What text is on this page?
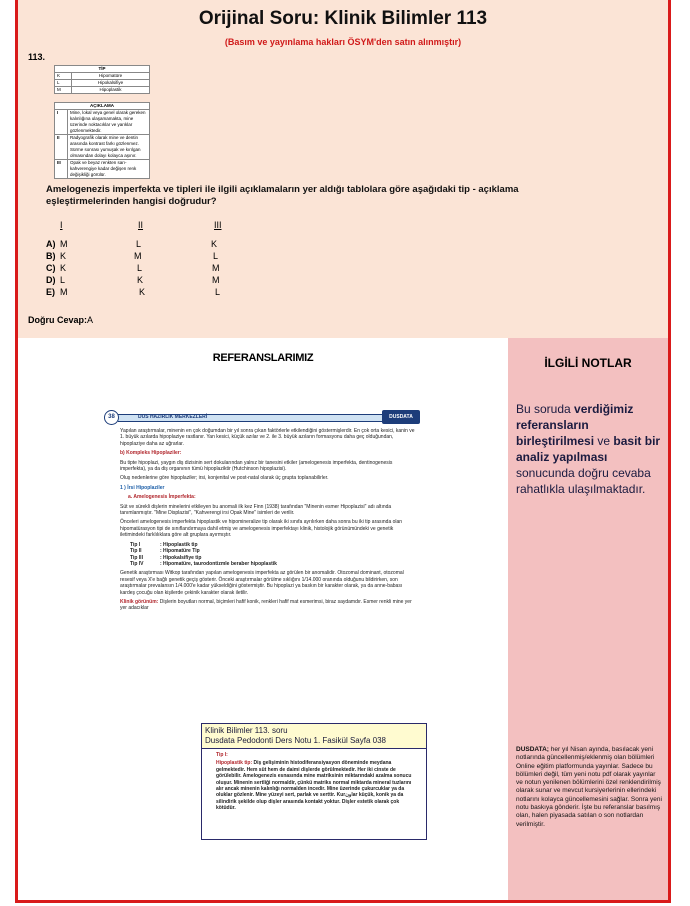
Orijinal Soru: Klinik Bilimler 113
(Basım ve yayınlama hakları ÖSYM'den satın alınmıştır)
113.
TİP	
K	Hipomatüre
L	Hipokalsifiye
M	Hipoplastik
AÇIKLAMA	
I	Mine, lokal veya genel olarak gereken kalınlığına ulaşamamakta, mine üzerinde noktacıklar ve yarıklar gözlenmektedir.
II	Radyografik olarak mine ve dentin arasında kontrast farkı gözlenmez. Sürme sonrası yumuşak ve kırılgan olmasından dolayı kolayca aşınır.
III	Opak ve beyaz renkten sarı-kahverengiye kadar değişen renk değişikliği görülür.
Amelogenezis imperfekta ve tipleri ile ilgili açıklamaların yer aldığı tablolara göre aşağıdaki tip - açıklama eşleştirmelerinden hangisi doğrudur?
I	II	III
A) M	L	K
B) K	M	L
C) K	L	M
D) L	K	M
E) M	K	L
Doğru Cevap:A
REFERANSLARIMIZ
DUS HAZIRLIK MERKEZLERİ
38	DUSDATA

Yapılan araştırmalar, minenin en çok doğumdan bir yıl sonra çıkan faktörlerle etkilendiğini göstermişlerdir. En çok orta kesici, kanin ve 1. büyük azılarda hipoplaziye rastlanır. Yan kesici, küçük azılar ve 2. ile 3. büyük azıların formasyonu daha geç olduğundan, hipoplaziye daha az uğrarlar.

b) Kompleks Hipoplaziler:

Bu tipte hipoplazi, yaygın diş dizisinin sert dokularından yalnız bir tanesini etkiler (amelogenesis imperfekta, dentinogenesis imperfekta), ya da diş organının tümü hipoplaziktir (Hutchinson hipoplazisi).

Oluş nedenlerine göre hipoplaziler; irsi, konjenital ve post-natal olarak üç grupta toplanabilirler.

1 ) İrsi Hipoplaziler

a. Amelogenesis İmperfekta:

Süt ve sürekli dişlerin minelerini etkileyen bu anomali ilk kez Finn (1938) tarafından "Minenin esmer Hipoplazisi" adı altında tanımlanmıştır. "Mine Displazisi", "Kahverengi irsi Opak Mine" isimleri de verilir.

Önceleri amelogenesis imperfekta hipoplastik ve hipomineralize tip olarak iki sınıfa ayrılırken daha sonra bu iki tip arasında olan hipomatürasyon tipi de sınıflandırmaya dahil etmiş ve amelogenesis imperfektayı klinik, histolojik görünümündeki ve genetik iletimindeki farklılıklara göre alt gruplara ayırmıştır.

Tip I	: Hipoplastik tip
Tip II	: Hipomatüre Tip
Tip III	: Hipokalsifiye tip
Tip IV	: Hipomatüre, taurodontizmle beraber hipoplastik

Genetik araştırması Witkop tarafından yapılan amelogenesis imperfekta az görülen bir anomalidir. Otozomal dominant, otozomal resesif veya X'e bağlı genetik geçiş gösterir. Önceki araştırmalar görülme sıklığını 1/14.000 oranında olduğunu bildirirken, son araştırmalar prevalansın 1/4.000'e kadar yükseldiğini göstermiştir. Bu hipoplazi ya baskın bir karakter olarak, ya da anne-babası kardeş çocuğu olan kişilerde çekinik karakter olarak iletilir.

Klinik görünüm: Dişlerin boyutları normal, biçimleri hafif konik, renkleri hafif mat esmerimsi, biraz saydamdır. Esmer renkli mine yer yer adacıklar

Klinik Bilimler 113. soru
Dusdata Pedodonti Ders Notu 1. Fasikül Sayfa 038
Tip I:
Hipoplastik tip: Diş gelişiminin histodiferansiyasyon döneminde meydana gelmektedir. Hem süt hem de daimi dişlerde görülmektedir. Her iki cinste de görülebilir. Amelogenezis esnasında mine matriksinin miktarındaki azalma sonucu oluşur. Minenin sertliği normaldir, çünkü matriks normal miktarda mineral tuzlarını alır ancak minenin kalınlığı normalden incedir. Mine üzerinde çukurcuklar ya da oluklar gözlenir. Mine yüzeyi sert, parlak ve serttir. Kurونlar küçük, konik ya da silindirik şekilde olup dişler arasında kontakt yoktur. Dişler estetik olarak çok kötüdür.
İLGİLİ NOTLAR
Bu soruda verdiğimiz referansların birleştirilmesi ve basit bir analiz yapılması sonucunda doğru cevaba rahatlıkla ulaşılmaktadır.
DUSDATA; her yıl Nisan ayında, basılacak yeni notlarında güncellenmiş/eklenmiş olan bölümleri Online eğitim platformunda yayınlar. Sadece bu bölümleri değil, tüm yeni notu pdf olarak yayınlar ve notun yenilenen bölümlerini özel renklendirilmiş olarak sunar ve mevcut kursiyerlerinin ellerindeki notlarını kolayca güncellemesini sağlar. Sonra yeni notu baskıya gönderir. İşte bu referanslar basılmış olan, halen piyasada satılan o son notlardan verilmiştir.
